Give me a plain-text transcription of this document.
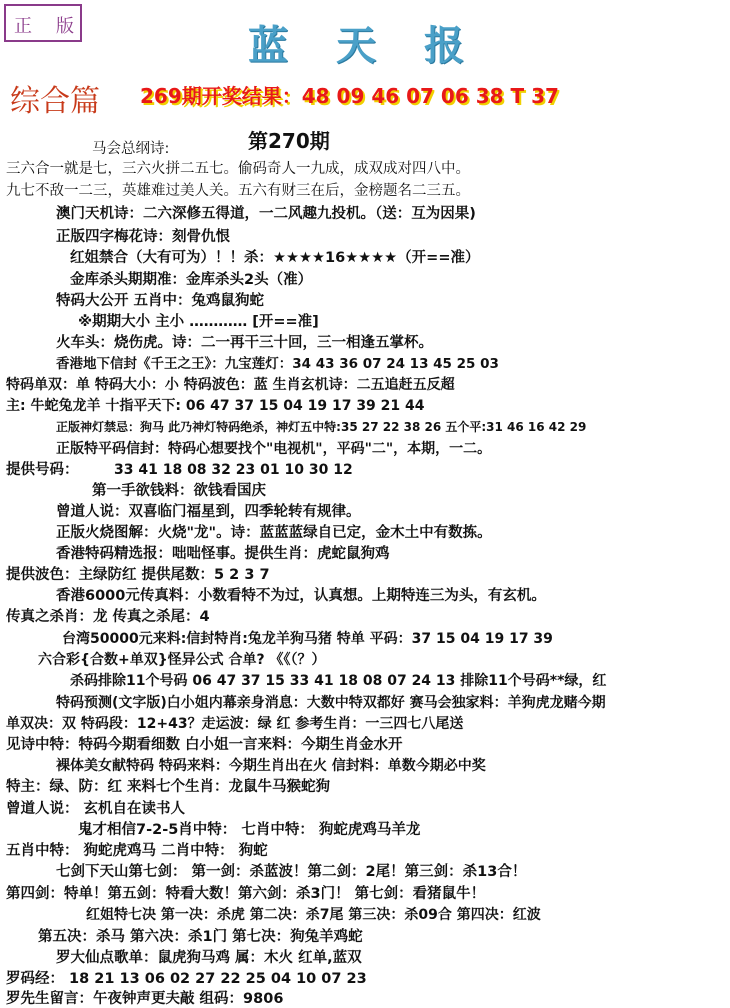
正 版	蓝天报
综合篇 269期开奖结果：48 09 46 07 06 38 T 37
马会总纲诗:	第270期
三六合一就是七，三六火拼二五七。偷码奇人一九成，成双成对四八中。
九七不敌一二三，英雄难过美人关。五六有财三在后，金榜题名二三五。
澳门天机诗：二六深修五得道，一二风趣九投机。（送：互为因果)
正版四字梅花诗：刻骨仇恨
红姐禁合（大有可为）！！杀：★★★★16★★★★（开==准）
金库杀头期期准：金库杀头2头（准）
特码大公开 五肖中：兔鸡鼠狗蛇
※期期大小 主小 ………… [开==准]
火车头：烧伤虎。诗：二一再干三十回，三一相逢五掌杯。
香港地下信封《千王之王》：九宝莲灯：34 43 36 07 24 13 45 25 03
特码单双：单 特码大小：小 特码波色：蓝 生肖玄机诗：二五追赶五反超
主: 牛蛇兔龙羊 十指平天下: 06 47 37 15 04 19 17 39 21 44
正版神灯禁忌：狗马 此乃神灯特码绝杀，神灯五中特:35 27 22 38 26 五个平:31 46 16 42 29
正版特平码信封：特码心想要找个"电视机"，平码"二"，本期，一二。
提供号码：	33 41 18 08 32 23 01 10 30 12
第一手欲钱料：欲钱看国庆
曾道人说：双喜临门福星到，四季轮转有规律。
正版火烧图解：火烧"龙"。诗：蓝蓝蓝绿自已定，金木土中有数拣。
香港特码精选报：咄咄怪事。提供生肖：虎蛇鼠狗鸡
提供波色：主绿防红 提供尾数：5 2 3 7
香港6000元传真料：小数看特不为过，认真想。上期特连三为头，有玄机。
传真之杀肖：龙 传真之杀尾：4
台湾50000元来料:信封特肖:兔龙羊狗马猪 特单 平码：37 15 04 19 17 39
六合彩{合数+单双}怪异公式 合单? 《《（？）
杀码排除11个号码 06 47 37 15 33 41 18 08 07 24 13 排除11个号码**绿，红
特码预测(文字版)白小姐内幕亲身消息：大数中特双都好 赛马会独家料：羊狗虎龙赌今期
单双决：双 特码段：12+43？走运波：绿 红 参考生肖：一三四七八尾送
见诗中特：特码今期看细数 白小姐一言来料：今期生肖金水开
裸体美女献特码 特码来料：今期生肖出在火 信封料：单数今期必中奖
特主：绿、防：红 来料七个生肖：龙鼠牛马猴蛇狗
曾道人说： 玄机自在读书人
鬼才相信7-2-5肖中特： 七肖中特： 狗蛇虎鸡马羊龙
五肖中特： 狗蛇虎鸡马 二肖中特： 狗蛇
七剑下天山第七剑： 第一剑：杀蓝波！第二剑：2尾！第三剑：杀13合！
第四剑：特单！第五剑：特看大数！第六剑：杀3门！ 第七剑：看猪鼠牛！
红姐特七决 第一决：杀虎 第二决：杀7尾 第三决：杀09合 第四决：红波
第五决：杀马 第六决：杀1门 第七决：狗兔羊鸡蛇
罗大仙点歌单：鼠虎狗马鸡 属：木火 红单,蓝双
罗码经： 18 21 13 06 02 27 22 25 04 10 07 23
罗先生留言：午夜钟声更夫敲 组码：9806
